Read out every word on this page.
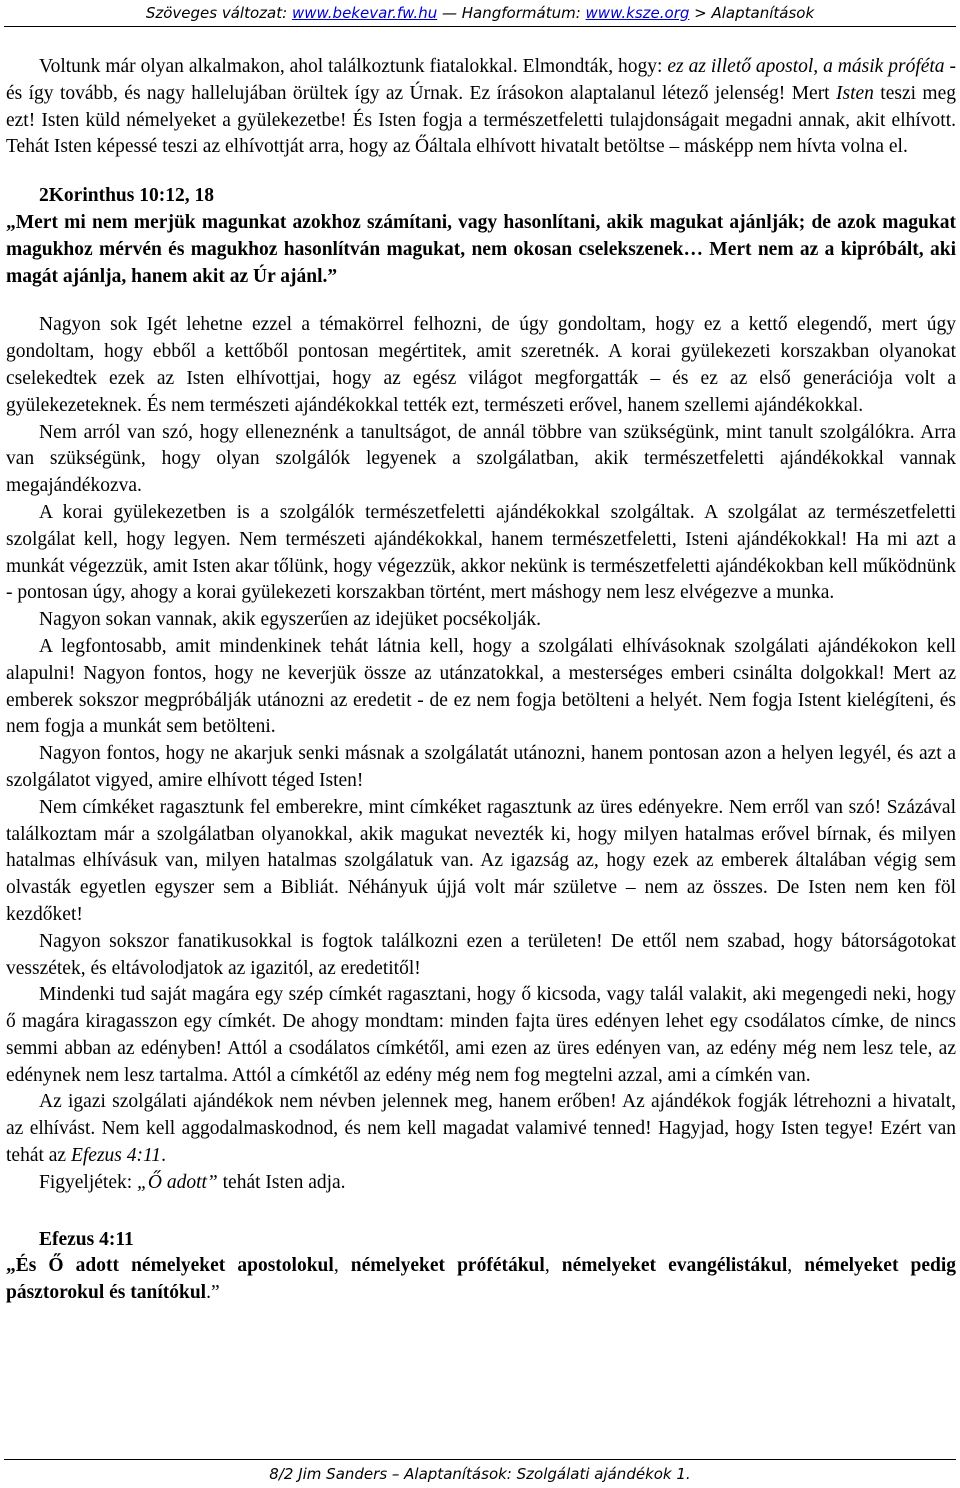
Szöveges változat: www.bekevar.fw.hu — Hangformátum: www.ksze.org > Alaptanítások

Voltunk már olyan alkalmakon, ahol találkoztunk fiatalokkal. Elmondták, hogy: ez az illető apostol, a másik próféta - és így tovább, és nagy hallelujában örültek így az Úrnak. Ez írásokon alaptalanul létező jelenség! Mert Isten teszi meg ezt! Isten küld némelyeket a gyülekezetbe! És Isten fogja a természetfeletti tulajdonságait megadni annak, akit elhívott. Tehát Isten képessé teszi az elhívottját arra, hogy az Őáltala elhívott hivatalt betöltse – másképp nem hívta volna el.

2Korinthus 10:12, 18
„Mert mi nem merjük magunkat azokhoz számítani, vagy hasonlítani, akik magukat ajánlják; de azok magukat magukhoz mérvén és magukhoz hasonlítván magukat, nem okosan cselekszenek… Mert nem az a kipróbált, aki magát ajánlja, hanem akit az Úr ajánl.”

Nagyon sok Igét lehetne ezzel a témakörrel felhozni, de úgy gondoltam, hogy ez a kettő elegendő, mert úgy gondoltam, hogy ebből a kettőből pontosan megértitek, amit szeretnék. A korai gyülekezeti korszakban olyanokat cselekedtek ezek az Isten elhívottjai, hogy az egész világot megforgatták – és ez az első generációja volt a gyülekezeteknek. És nem természeti ajándékokkal tették ezt, természeti erővel, hanem szellemi ajándékokkal.

Nem arról van szó, hogy elleneznénk a tanultságot, de annál többre van szükségünk, mint tanult szolgálókra. Arra van szükségünk, hogy olyan szolgálók legyenek a szolgálatban, akik természetfeletti ajándékokkal vannak megajándékozva.

A korai gyülekezetben is a szolgálók természetfeletti ajándékokkal szolgáltak. A szolgálat az természetfeletti szolgálat kell, hogy legyen. Nem természeti ajándékokkal, hanem természetfeletti, Isteni ajándékokkal! Ha mi azt a munkát végezzük, amit Isten akar tőlünk, hogy végezzük, akkor nekünk is természetfeletti ajándékokban kell működnünk - pontosan úgy, ahogy a korai gyülekezeti korszakban történt, mert máshogy nem lesz elvégezve a munka.

Nagyon sokan vannak, akik egyszerűen az idejüket pocsékolják.

A legfontosabb, amit mindenkinek tehát látnia kell, hogy a szolgálati elhívásoknak szolgálati ajándékokon kell alapulni! Nagyon fontos, hogy ne keverjük össze az utánzatokkal, a mesterséges emberi csinálta dolgokkal! Mert az emberek sokszor megpróbálják utánozni az eredetit - de ez nem fogja betölteni a helyét. Nem fogja Istent kielégíteni, és nem fogja a munkát sem betölteni.

Nagyon fontos, hogy ne akarjuk senki másnak a szolgálatát utánozni, hanem pontosan azon a helyen legyél, és azt a szolgálatot vigyed, amire elhívott téged Isten!

Nem címkéket ragasztunk fel emberekre, mint címkéket ragasztunk az üres edényekre. Nem erről van szó! Százával találkoztam már a szolgálatban olyanokkal, akik magukat nevezték ki, hogy milyen hatalmas erővel bírnak, és milyen hatalmas elhívásuk van, milyen hatalmas szolgálatuk van. Az igazság az, hogy ezek az emberek általában végig sem olvasták egyetlen egyszer sem a Bibliát. Néhányuk újjá volt már születve – nem az összes. De Isten nem ken föl kezdőket!

Nagyon sokszor fanatikusokkal is fogtok találkozni ezen a területen! De ettől nem szabad, hogy bátorságotokat vesszétek, és eltávolodjatok az igazitól, az eredetitől!

Mindenki tud saját magára egy szép címkét ragasztani, hogy ő kicsoda, vagy talál valakit, aki megengedi neki, hogy ő magára kiragasszon egy címkét. De ahogy mondtam: minden fajta üres edényen lehet egy csodálatos címke, de nincs semmi abban az edényben! Attól a csodálatos címkétől, ami ezen az üres edényen van, az edény még nem lesz tele, az edénynek nem lesz tartalma. Attól a címkétől az edény még nem fog megtelni azzal, ami a címkén van.

Az igazi szolgálati ajándékok nem névben jelennek meg, hanem erőben! Az ajándékok fogják létrehozni a hivatalt, az elhívást. Nem kell aggodalmaskodnod, és nem kell magadat valamivé tenned! Hagyjad, hogy Isten tegye! Ezért van tehát az Efezus 4:11.

Figyeljétek: „Ő adott” tehát Isten adja.

Efezus 4:11
„És Ő adott némelyeket apostolokul, némelyeket prófétákul, némelyeket evangélistákul, némelyeket pedig pásztorokul és tanítókul.”

8/2 Jim Sanders – Alaptanítások: Szolgálati ajándékok 1.
